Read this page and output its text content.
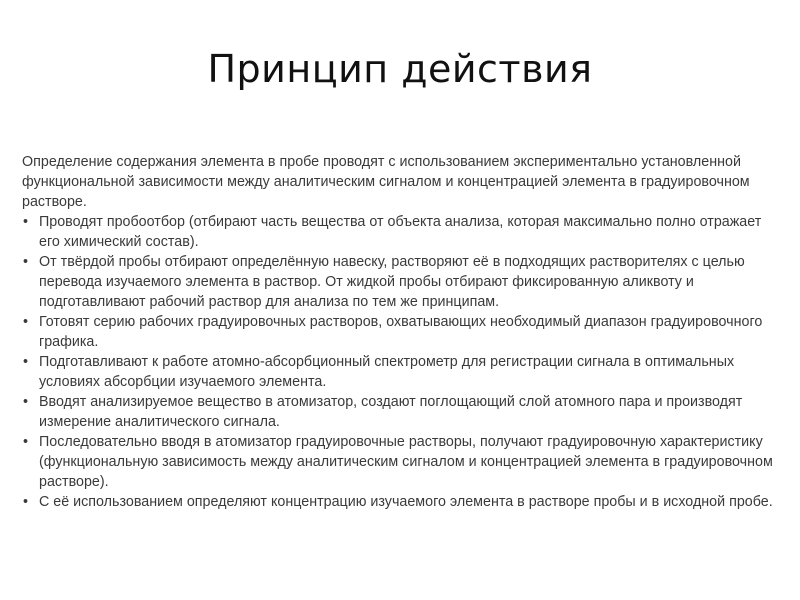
Принцип действия

Определение содержания элемента в пробе проводят с использованием экспериментально установленной функциональной зависимости между аналитическим сигналом и концентрацией элемента в градуировочном растворе.

• Проводят пробоотбор (отбирают часть вещества от объекта анализа, которая максимально полно отражает его химический состав).
• От твёрдой пробы отбирают определённую навеску, растворяют её в подходящих растворителях с целью перевода изучаемого элемента в раствор. От жидкой пробы отбирают фиксированную аликвоту и подготавливают рабочий раствор для анализа по тем же принципам.
• Готовят серию рабочих градуировочных растворов, охватывающих необходимый диапазон градуировочного графика.
• Подготавливают к работе атомно-абсорбционный спектрометр для регистрации сигнала в оптимальных условиях абсорбции изучаемого элемента.
• Вводят анализируемое вещество в атомизатор, создают поглощающий слой атомного пара и производят измерение аналитического сигнала.
• Последовательно вводя в атомизатор градуировочные растворы, получают градуировочную характеристику (функциональную зависимость между аналитическим сигналом и концентрацией элемента в градуировочном растворе).
• С её использованием определяют концентрацию изучаемого элемента в растворе пробы и в исходной пробе.
